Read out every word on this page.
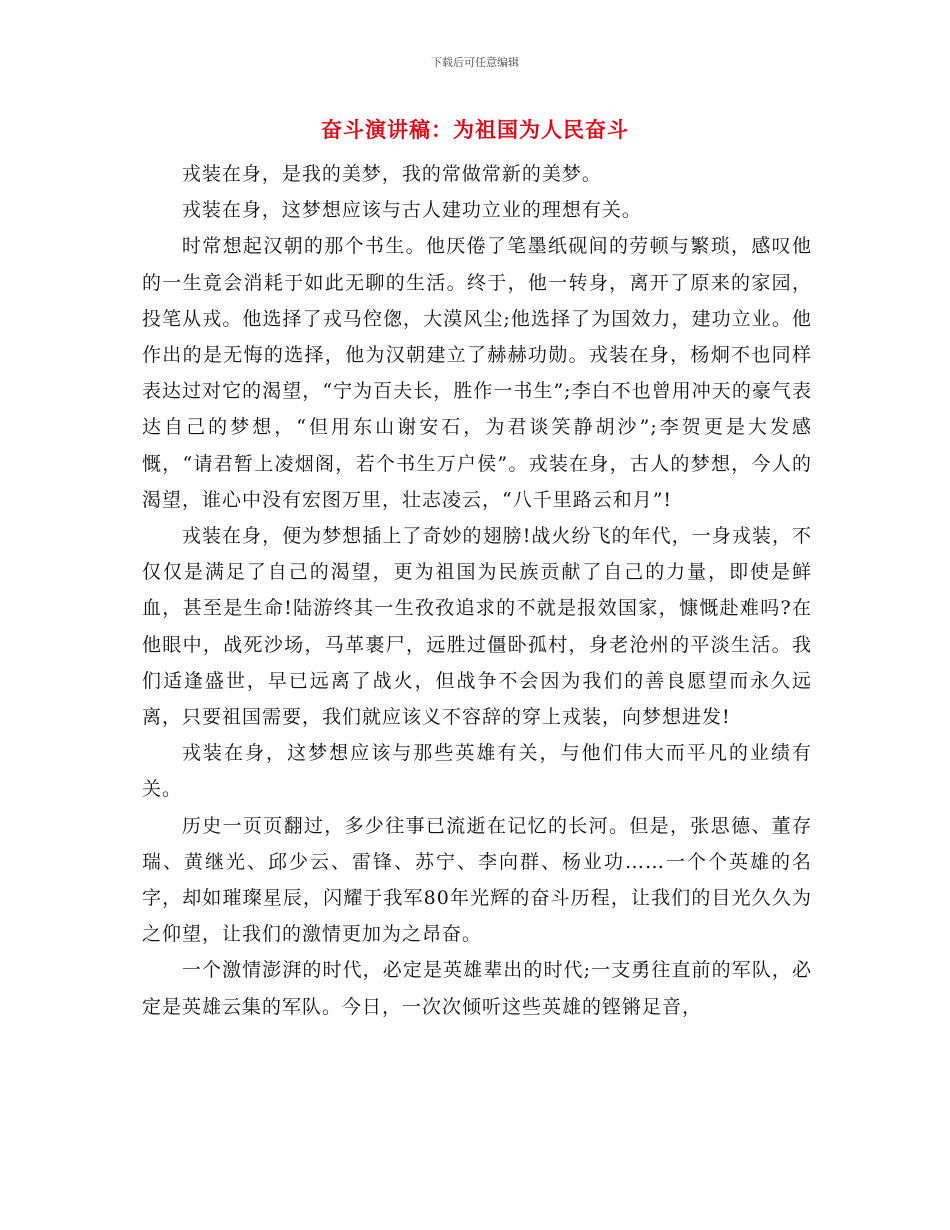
下载后可任意编辑
奋斗演讲稿：为祖国为人民奋斗

戎装在身，是我的美梦，我的常做常新的美梦。

戎装在身，这梦想应该与古人建功立业的理想有关。

时常想起汉朝的那个书生。他厌倦了笔墨纸砚间的劳顿与繁琐，感叹他的一生竟会消耗于如此无聊的生活。终于，他一转身，离开了原来的家园，投笔从戎。他选择了戎马倥偬，大漠风尘;他选择了为国效力，建功立业。他作出的是无悔的选择，他为汉朝建立了赫赫功勋。戎装在身，杨炯不也同样表达过对它的渴望，“宁为百夫长，胜作一书生”;李白不也曾用冲天的豪气表达自己的梦想，“但用东山谢安石，为君谈笑静胡沙”;李贺更是大发感慨，“请君暂上凌烟阁，若个书生万户侯”。戎装在身，古人的梦想，今人的渴望，谁心中没有宏图万里，壮志凌云，“八千里路云和月”!

戎装在身，便为梦想插上了奇妙的翅膀!战火纷飞的年代，一身戎装，不仅仅是满足了自己的渴望，更为祖国为民族贡献了自己的力量，即使是鲜血，甚至是生命!陆游终其一生孜孜追求的不就是报效国家，慷慨赴难吗?在他眼中，战死沙场，马革裹尸，远胜过僵卧孤村，身老沧州的平淡生活。我们适逢盛世，早已远离了战火，但战争不会因为我们的善良愿望而永久远离，只要祖国需要，我们就应该义不容辞的穿上戎装，向梦想进发!

戎装在身，这梦想应该与那些英雄有关，与他们伟大而平凡的业绩有关。

历史一页页翻过，多少往事已流逝在记忆的长河。但是，张思德、董存瑞、黄继光、邱少云、雷锋、苏宁、李向群、杨业功……一个个英雄的名字，却如璀璨星辰，闪耀于我军80年光辉的奋斗历程，让我们的目光久久为之仰望，让我们的激情更加为之昂奋。

一个激情澎湃的时代，必定是英雄辈出的时代;一支勇往直前的军队，必定是英雄云集的军队。今日，一次次倾听这些英雄的铿锵足音，
